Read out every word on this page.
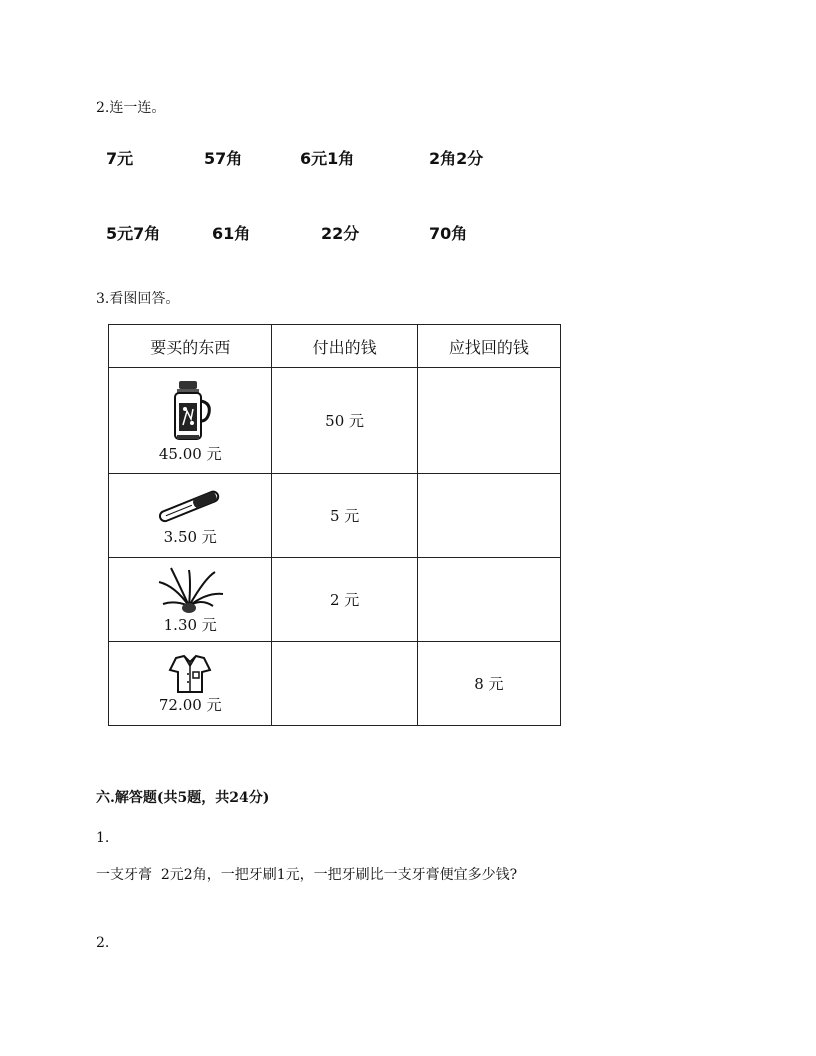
2.连一连。
7元	57角	6元1角	2角2分
5元7角	61角	22分	70角
3.看图回答。
要买的东西	付出的钱	应找回的钱

45.00 元	50 元	

3.50 元	5 元	

1.30 元	2 元	

72.00 元		8 元
六.解答题(共5题，共24分)
1.
一支牙膏  2元2角，一把牙刷1元，一把牙刷比一支牙膏便宜多少钱?
2.
